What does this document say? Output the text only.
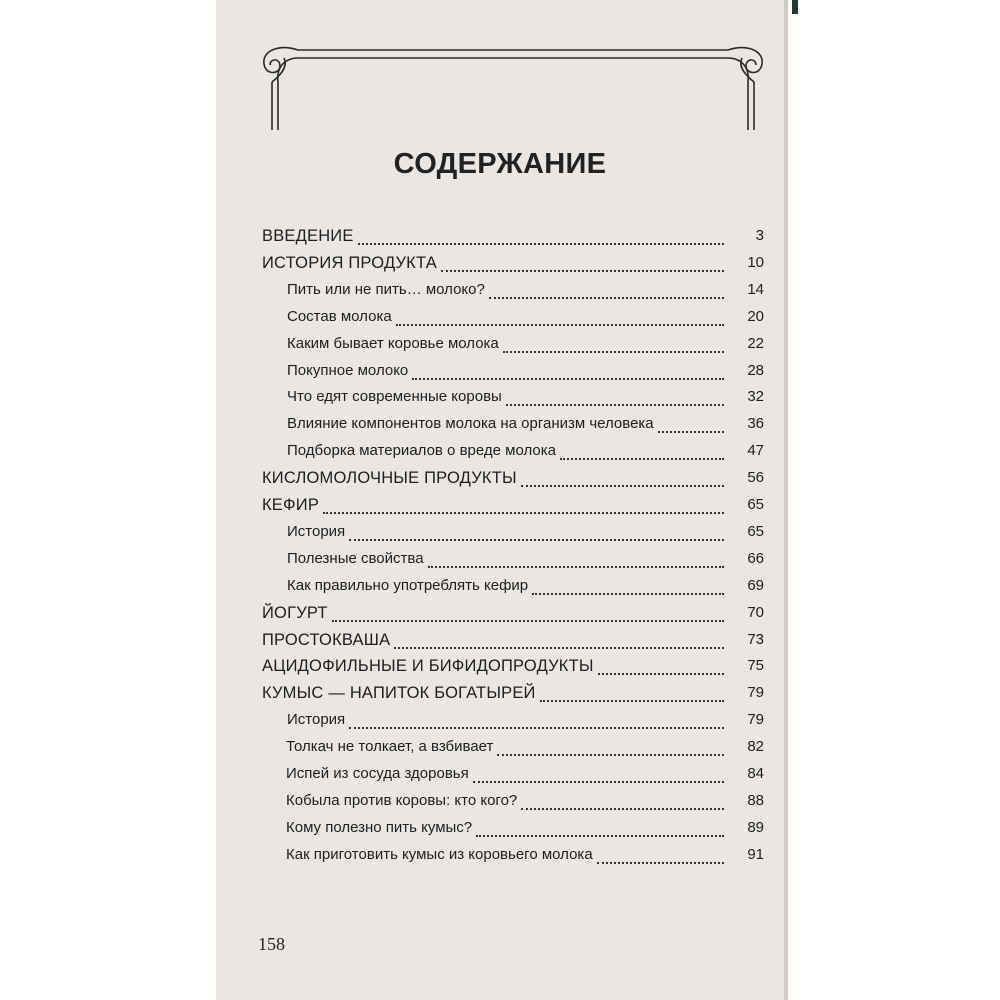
СОДЕРЖАНИЕ
ВВЕДЕНИЕ	3
ИСТОРИЯ ПРОДУКТА	10
Пить или не пить… молоко?	14
Состав молока	20
Каким бывает коровье молока	22
Покупное молоко	28
Что едят современные коровы	32
Влияние компонентов молока на организм человека	36
Подборка материалов о вреде молока	47
КИСЛОМОЛОЧНЫЕ ПРОДУКТЫ	56
КЕФИР	65
История	65
Полезные свойства	66
Как правильно употреблять кефир	69
ЙОГУРТ	70
ПРОСТОКВАША	73
АЦИДОФИЛЬНЫЕ И БИФИДОПРОДУКТЫ	75
КУМЫС — НАПИТОК БОГАТЫРЕЙ	79
История	79
Толкач не толкает, а взбивает	82
Испей из сосуда здоровья	84
Кобыла против коровы: кто кого?	88
Кому полезно пить кумыс?	89
Как приготовить кумыс из коровьего молока	91
158
